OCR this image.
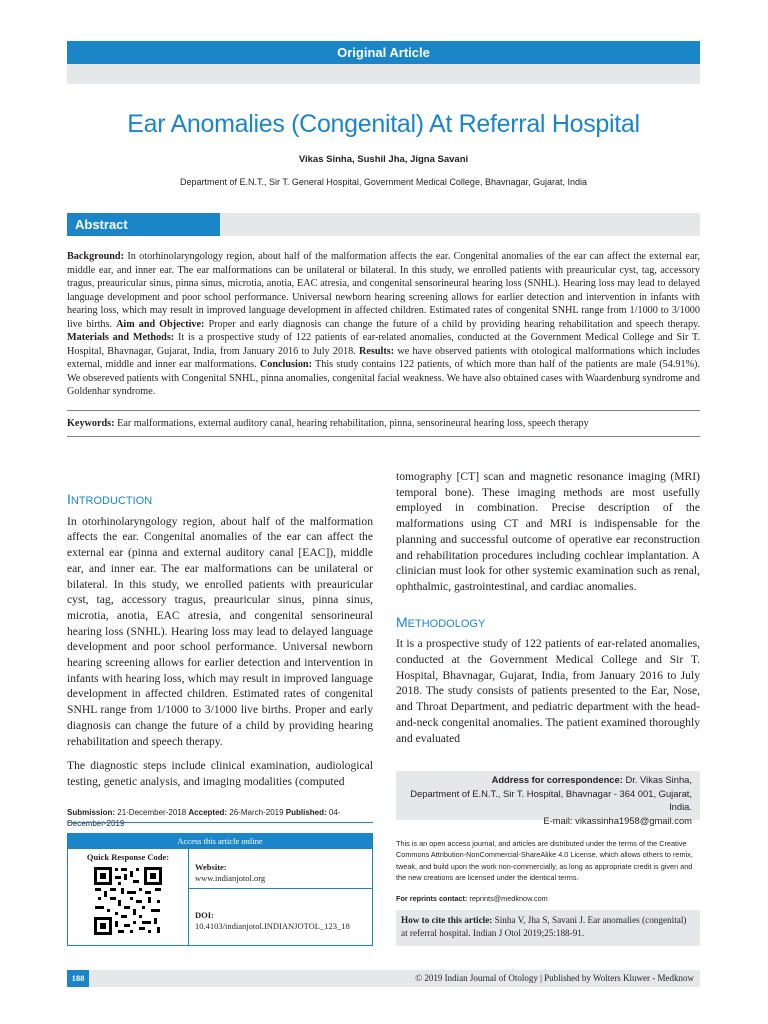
Original Article
Ear Anomalies (Congenital) At Referral Hospital
Vikas Sinha, Sushil Jha, Jigna Savani
Department of E.N.T., Sir T. General Hospital, Government Medical College, Bhavnagar, Gujarat, India
Abstract
Background: In otorhinolaryngology region, about half of the malformation affects the ear. Congenital anomalies of the ear can affect the external ear, middle ear, and inner ear. The ear malformations can be unilateral or bilateral. In this study, we enrolled patients with preauricular cyst, tag, accessory tragus, preauricular sinus, pinna sinus, microtia, anotia, EAC atresia, and congenital sensorineural hearing loss (SNHL). Hearing loss may lead to delayed language development and poor school performance. Universal newborn hearing screening allows for earlier detection and intervention in infants with hearing loss, which may result in improved language development in affected children. Estimated rates of congenital SNHL range from 1/1000 to 3/1000 live births. Aim and Objective: Proper and early diagnosis can change the future of a child by providing hearing rehabilitation and speech therapy. Materials and Methods: It is a prospective study of 122 patients of ear-related anomalies, conducted at the Government Medical College and Sir T. Hospital, Bhavnagar, Gujarat, India, from January 2016 to July 2018. Results: we have observed patients with otological malformations which includes external, middle and inner ear malformations. Conclusion: This study contains 122 patients, of which more than half of the patients are male (54.91%). We obsereved patients with Congenital SNHL, pinna anomalies, congenital facial weakness. We have also obtained cases with Waardenburg syndrome and Goldenhar syndrome.
Keywords: Ear malformations, external auditory canal, hearing rehabilitation, pinna, sensorineural hearing loss, speech therapy
INTRODUCTION

In otorhinolaryngology region, about half of the malformation affects the ear. Congenital anomalies of the ear can affect the external ear (pinna and external auditory canal [EAC]), middle ear, and inner ear. The ear malformations can be unilateral or bilateral. In this study, we enrolled patients with preauricular cyst, tag, accessory tragus, preauricular sinus, pinna sinus, microtia, anotia, EAC atresia, and congenital sensorineural hearing loss (SNHL). Hearing loss may lead to delayed language development and poor school performance. Universal newborn hearing screening allows for earlier detection and intervention in infants with hearing loss, which may result in improved language development in affected children. Estimated rates of congenital SNHL range from 1/1000 to 3/1000 live births. Proper and early diagnosis can change the future of a child by providing hearing rehabilitation and speech therapy.

The diagnostic steps include clinical examination, audiological testing, genetic analysis, and imaging modalities (computed

tomography [CT] scan and magnetic resonance imaging (MRI) temporal bone). These imaging methods are most usefully employed in combination. Precise description of the malformations using CT and MRI is indispensable for the planning and successful outcome of operative ear reconstruction and rehabilitation procedures including cochlear implantation. A clinician must look for other systemic examination such as renal, ophthalmic, gastrointestinal, and cardiac anomalies.

METHODOLOGY

It is a prospective study of 122 patients of ear-related anomalies, conducted at the Government Medical College and Sir T. Hospital, Bhavnagar, Gujarat, India, from January 2016 to July 2018. The study consists of patients presented to the Ear, Nose, and Throat Department, and pediatric department with the head-and-neck congenital anomalies. The patient examined thoroughly and evaluated

Address for correspondence: Dr. Vikas Sinha,
Department of E.N.T., Sir T. Hospital, Bhavnagar - 364 001, Gujarat, India.
E-mail: vikassinha1958@gmail.com
Submission: 21-December-2018 Accepted: 26-March-2019 Published: 04-December-2019
Access this article online
Quick Response Code:
Website:
www.indianjotol.org
DOI:
10.4103/indianjotol.INDIANJOTOL_123_18
This is an open access journal, and articles are distributed under the terms of the Creative Commons Attribution-NonCommercial-ShareAlike 4.0 License, which allows others to remix, tweak, and build upon the work non-commercially, as long as appropriate credit is given and the new creations are licensed under the identical terms.
For reprints contact: reprints@medknow.com
How to cite this article: Sinha V, Jha S, Savani J. Ear anomalies (congenital) at referral hospital. Indian J Otol 2019;25:188-91.
188	© 2019 Indian Journal of Otology | Published by Wolters Kluwer - Medknow
